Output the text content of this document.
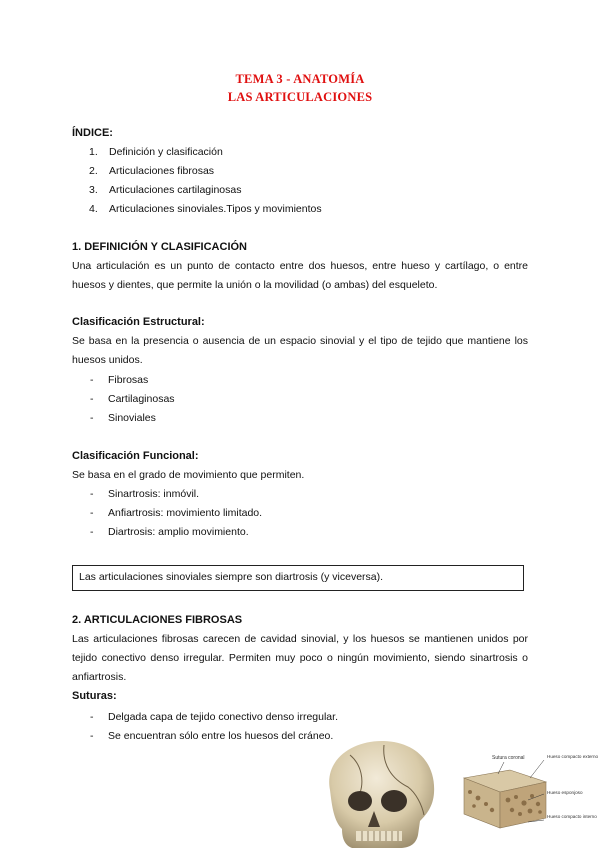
TEMA 3 - ANATOMÍA
LAS ARTICULACIONES
ÍNDICE:
1. Definición y clasificación
2. Articulaciones fibrosas
3. Articulaciones cartilaginosas
4. Articulaciones sinoviales.Tipos y movimientos
1. DEFINICIÓN Y CLASIFICACIÓN
Una articulación es un punto de contacto entre dos huesos, entre hueso y cartílago, o entre huesos y dientes, que permite la unión o la movilidad (o ambas) del esqueleto.
Clasificación Estructural:
Se basa en la presencia o ausencia de un espacio sinovial y el tipo de tejido que mantiene los huesos unidos.
- Fibrosas
- Cartilaginosas
- Sinoviales
Clasificación Funcional:
Se basa en el grado de movimiento que permiten.
- Sinartrosis: inmóvil.
- Anfiartrosis: movimiento limitado.
- Diartrosis: amplio movimiento.
Las articulaciones sinoviales siempre son diartrosis (y viceversa).
2. ARTICULACIONES FIBROSAS
Las articulaciones fibrosas carecen de cavidad sinovial, y los huesos se mantienen unidos por tejido conectivo denso irregular. Permiten muy poco o ningún movimiento, siendo sinartrosis o anfiartrosis.
Suturas:
- Delgada capa de tejido conectivo denso irregular.
- Se encuentran sólo entre los huesos del cráneo.
Sutura coronal	Hueso compacto externo
Hueso esponjoso
Hueso compacto interno
